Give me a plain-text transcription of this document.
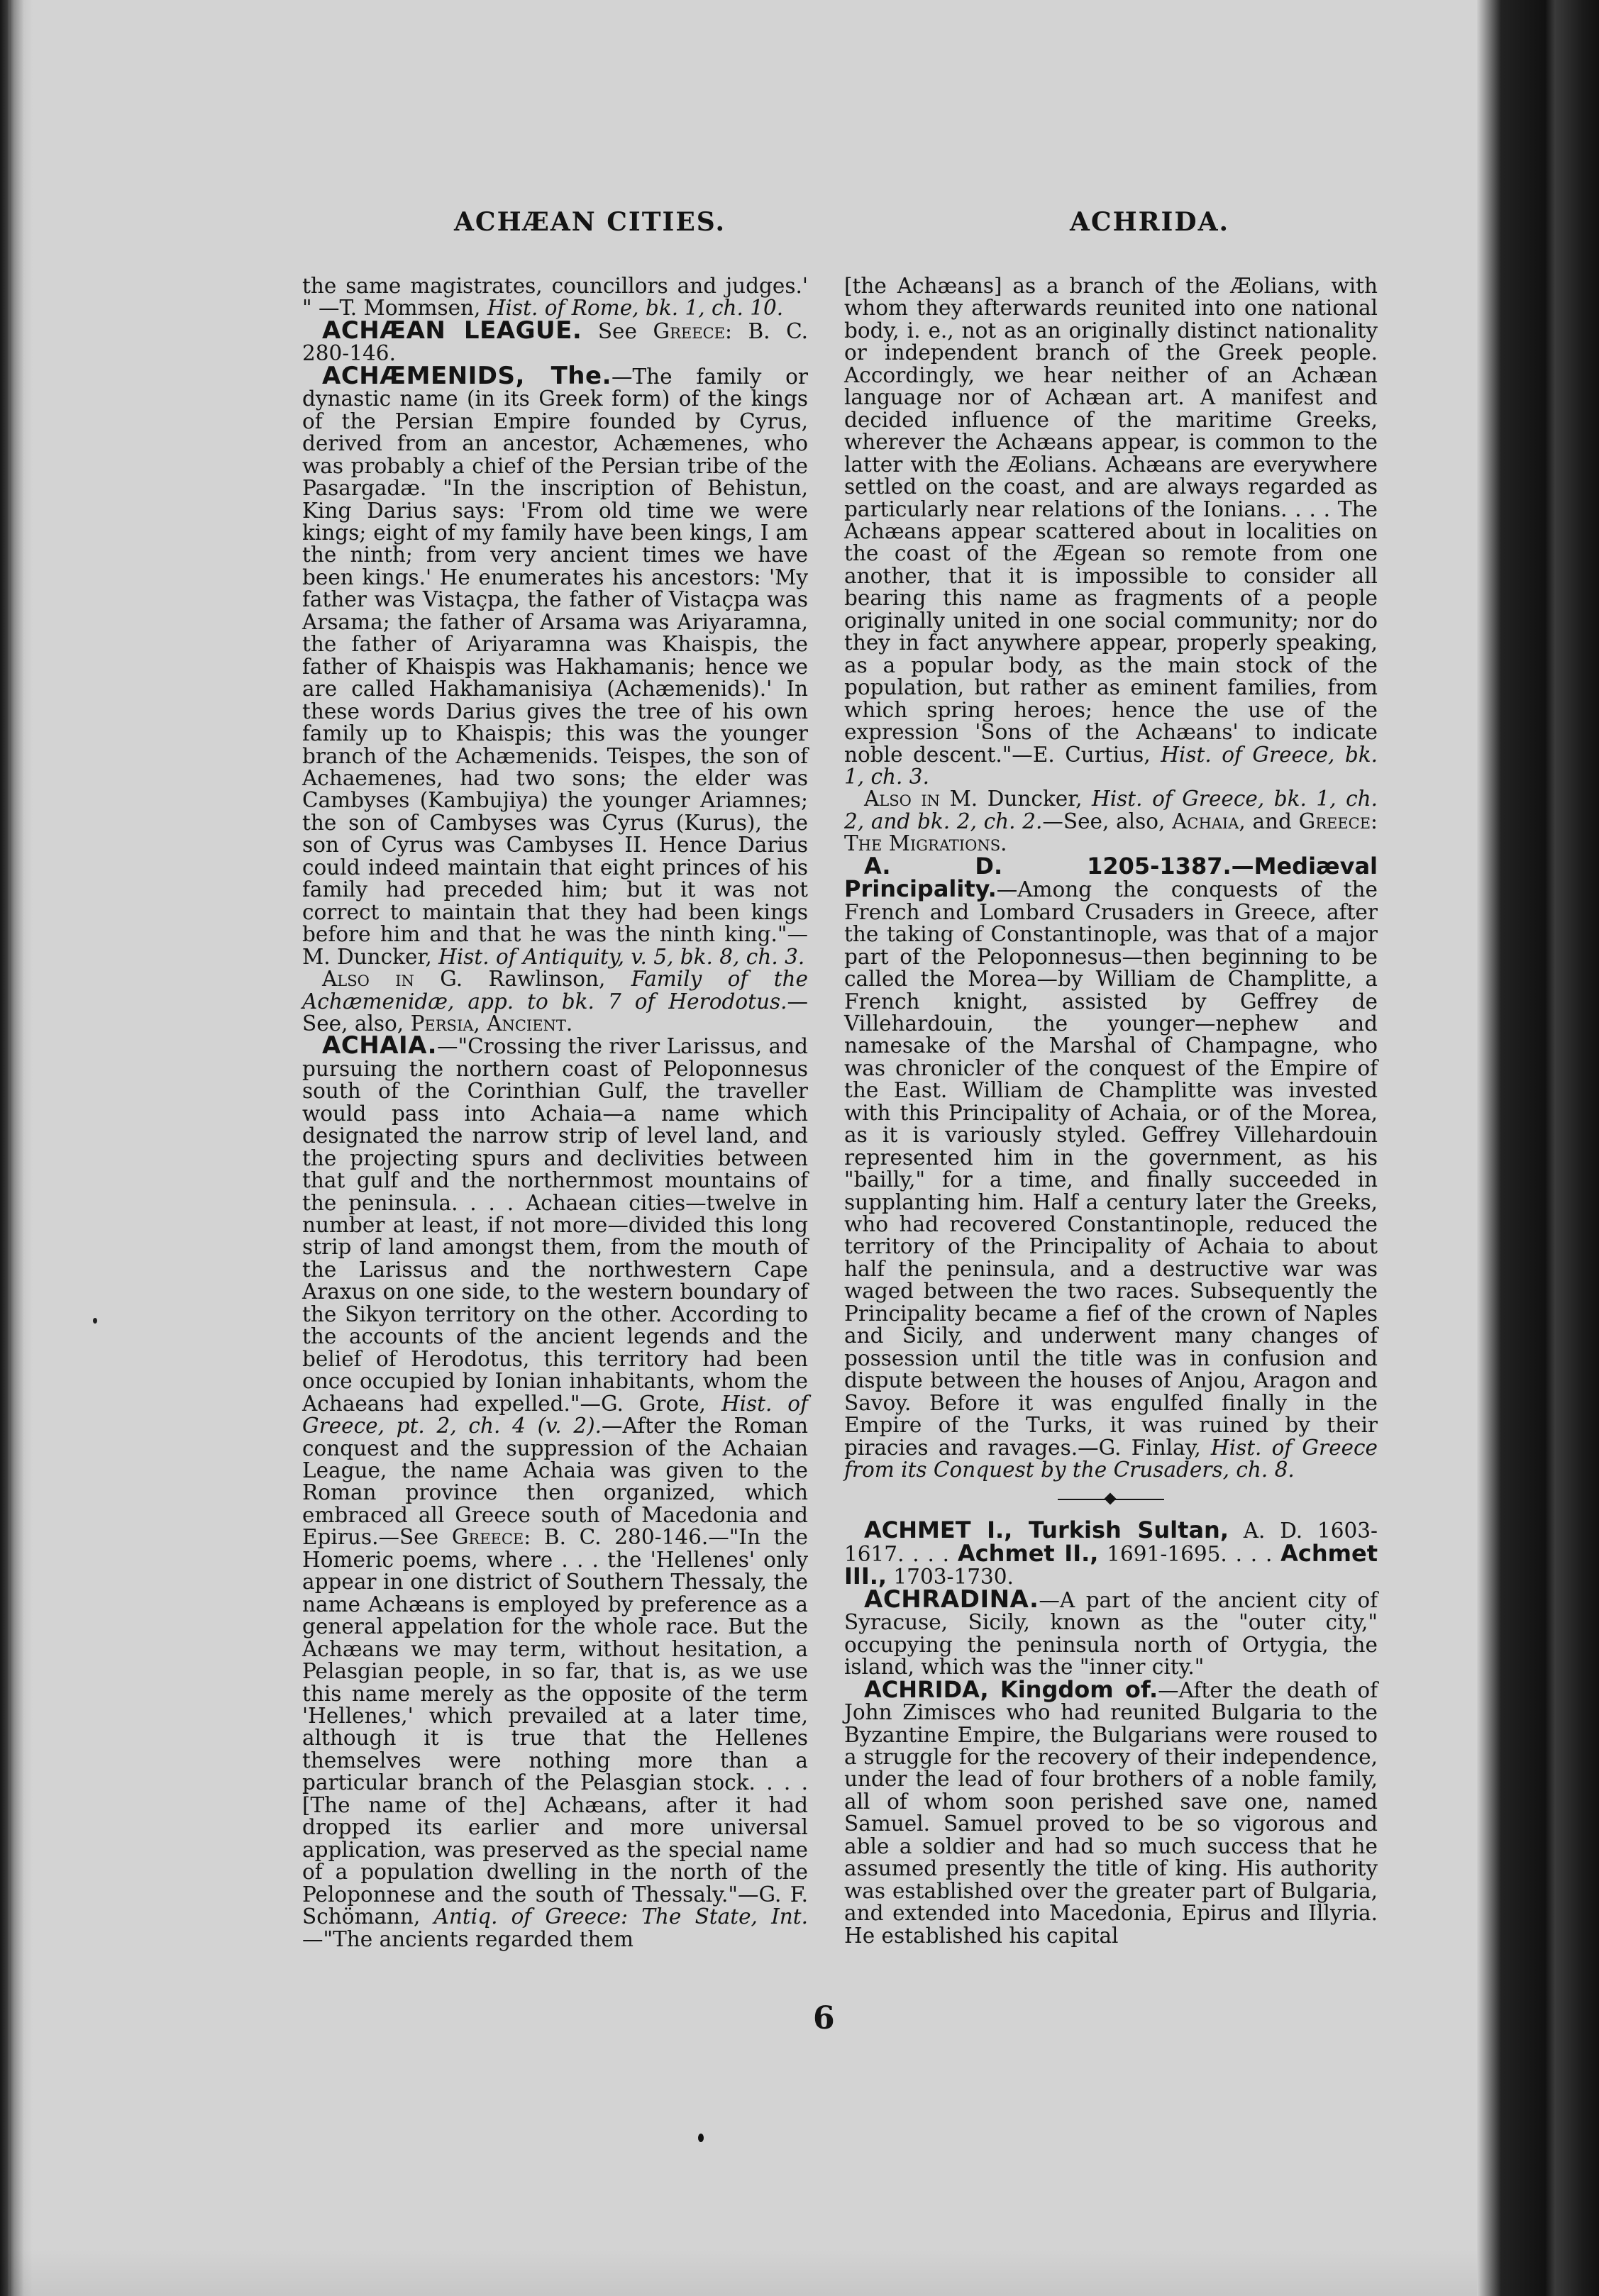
ACHÆAN CITIES.	ACHRIDA.

the same magistrates, councillors and judges.' " —T. Mommsen, Hist. of Rome, bk. 1, ch. 10.

ACHÆAN LEAGUE. See Greece: B. C. 280-146.

ACHÆMENIDS, The.—The family or dynastic name (in its Greek form) of the kings of the Persian Empire founded by Cyrus, derived from an ancestor, Achæmenes, who was probably a chief of the Persian tribe of the Pasargadæ. "In the inscription of Behistun, King Darius says: 'From old time we were kings; eight of my family have been kings, I am the ninth; from very ancient times we have been kings.' He enumerates his ancestors: 'My father was Vistaçpa, the father of Vistaçpa was Arsama; the father of Arsama was Ariyaramna, the father of Ariyaramna was Khaispis, the father of Khaispis was Hakhamanis; hence we are called Hakhamanisiya (Achæmenids).' In these words Darius gives the tree of his own family up to Khaispis; this was the younger branch of the Achæmenids. Teispes, the son of Achaemenes, had two sons; the elder was Cambyses (Kambujiya) the younger Ariamnes; the son of Cambyses was Cyrus (Kurus), the son of Cyrus was Cambyses II. Hence Darius could indeed maintain that eight princes of his family had preceded him; but it was not correct to maintain that they had been kings before him and that he was the ninth king."—M. Duncker, Hist. of Antiquity, v. 5, bk. 8, ch. 3.

Also in G. Rawlinson, Family of the Achæmenidæ, app. to bk. 7 of Herodotus.—See, also, Persia, Ancient.

ACHAIA.—"Crossing the river Larissus, and pursuing the northern coast of Peloponnesus south of the Corinthian Gulf, the traveller would pass into Achaia—a name which designated the narrow strip of level land, and the projecting spurs and declivities between that gulf and the northernmost mountains of the peninsula. . . . Achaean cities—twelve in number at least, if not more—divided this long strip of land amongst them, from the mouth of the Larissus and the northwestern Cape Araxus on one side, to the western boundary of the Sikyon territory on the other. According to the accounts of the ancient legends and the belief of Herodotus, this territory had been once occupied by Ionian inhabitants, whom the Achaeans had expelled."—G. Grote, Hist. of Greece, pt. 2, ch. 4 (v. 2).—After the Roman conquest and the suppression of the Achaian League, the name Achaia was given to the Roman province then organized, which embraced all Greece south of Macedonia and Epirus.—See Greece: B. C. 280-146.—"In the Homeric poems, where . . . the 'Hellenes' only appear in one district of Southern Thessaly, the name Achæans is employed by preference as a general appelation for the whole race. But the Achæans we may term, without hesitation, a Pelasgian people, in so far, that is, as we use this name merely as the opposite of the term 'Hellenes,' which prevailed at a later time, although it is true that the Hellenes themselves were nothing more than a particular branch of the Pelasgian stock. . . . [The name of the] Achæans, after it had dropped its earlier and more universal application, was preserved as the special name of a population dwelling in the north of the Peloponnese and the south of Thessaly."—G. F. Schömann, Antiq. of Greece: The State, Int.—"The ancients regarded them

[the Achæans] as a branch of the Æolians, with whom they afterwards reunited into one national body, i. e., not as an originally distinct nationality or independent branch of the Greek people. Accordingly, we hear neither of an Achæan language nor of Achæan art. A manifest and decided influence of the maritime Greeks, wherever the Achæans appear, is common to the latter with the Æolians. Achæans are everywhere settled on the coast, and are always regarded as particularly near relations of the Ionians. . . . The Achæans appear scattered about in localities on the coast of the Ægean so remote from one another, that it is impossible to consider all bearing this name as fragments of a people originally united in one social community; nor do they in fact anywhere appear, properly speaking, as a popular body, as the main stock of the population, but rather as eminent families, from which spring heroes; hence the use of the expression 'Sons of the Achæans' to indicate noble descent."—E. Curtius, Hist. of Greece, bk. 1, ch. 3.

Also in M. Duncker, Hist. of Greece, bk. 1, ch. 2, and bk. 2, ch. 2.—See, also, Achaia, and Greece: The Migrations.

A. D. 1205-1387.—Mediæval Principality.—Among the conquests of the French and Lombard Crusaders in Greece, after the taking of Constantinople, was that of a major part of the Peloponnesus—then beginning to be called the Morea—by William de Champlitte, a French knight, assisted by Geffrey de Villehardouin, the younger—nephew and namesake of the Marshal of Champagne, who was chronicler of the conquest of the Empire of the East. William de Champlitte was invested with this Principality of Achaia, or of the Morea, as it is variously styled. Geffrey Villehardouin represented him in the government, as his "bailly," for a time, and finally succeeded in supplanting him. Half a century later the Greeks, who had recovered Constantinople, reduced the territory of the Principality of Achaia to about half the peninsula, and a destructive war was waged between the two races. Subsequently the Principality became a fief of the crown of Naples and Sicily, and underwent many changes of possession until the title was in confusion and dispute between the houses of Anjou, Aragon and Savoy. Before it was engulfed finally in the Empire of the Turks, it was ruined by their piracies and ravages.—G. Finlay, Hist. of Greece from its Conquest by the Crusaders, ch. 8.

ACHMET I., Turkish Sultan, A. D. 1603-1617. . . . Achmet II., 1691-1695. . . . Achmet III., 1703-1730.

ACHRADINA.—A part of the ancient city of Syracuse, Sicily, known as the "outer city," occupying the peninsula north of Ortygia, the island, which was the "inner city."

ACHRIDA, Kingdom of.—After the death of John Zimisces who had reunited Bulgaria to the Byzantine Empire, the Bulgarians were roused to a struggle for the recovery of their independence, under the lead of four brothers of a noble family, all of whom soon perished save one, named Samuel. Samuel proved to be so vigorous and able a soldier and had so much success that he assumed presently the title of king. His authority was established over the greater part of Bulgaria, and extended into Macedonia, Epirus and Illyria. He established his capital

6
